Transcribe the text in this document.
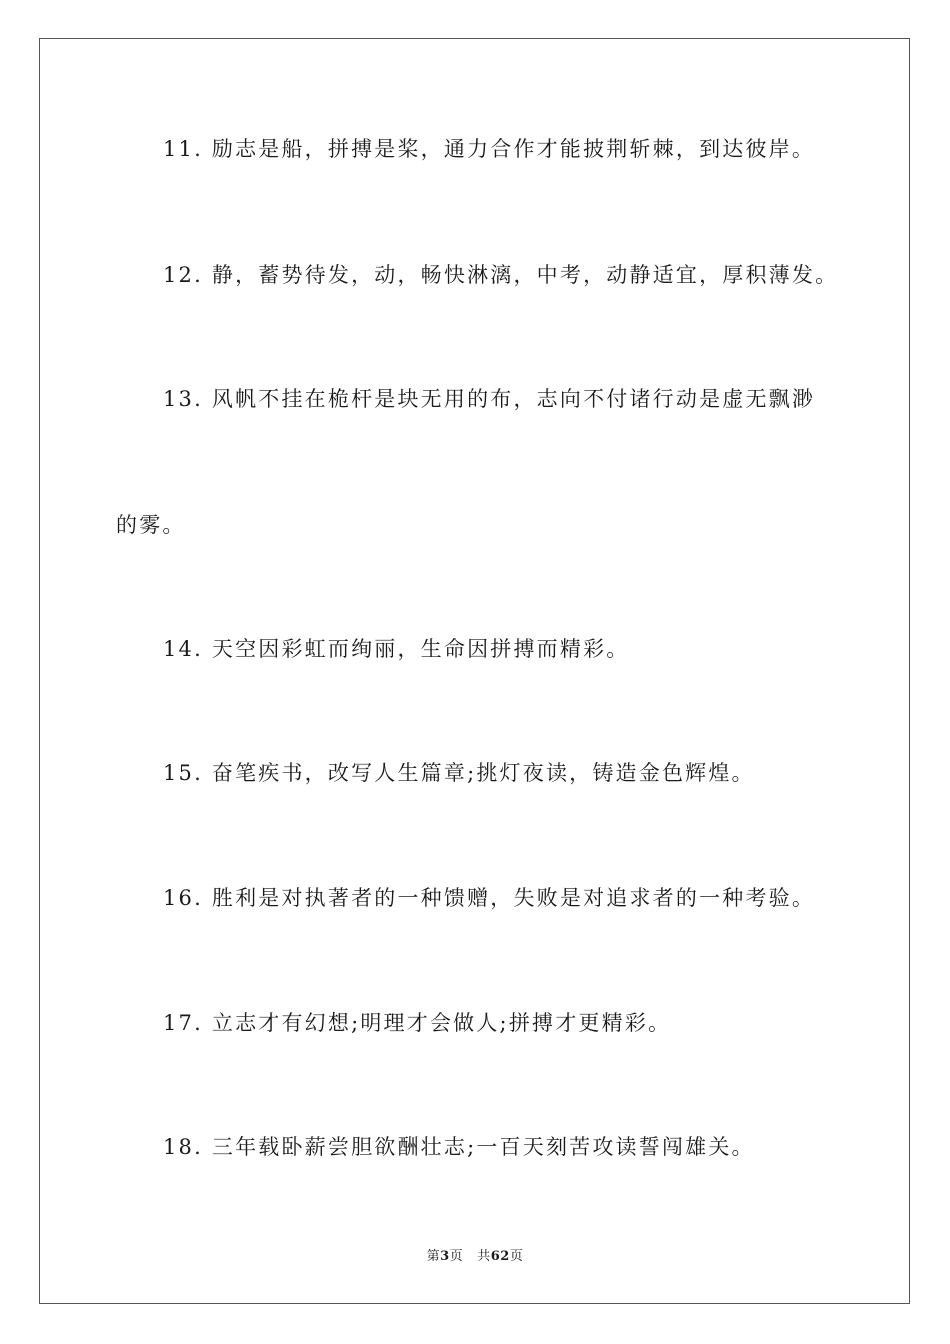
11. 励志是船，拼搏是桨，通力合作才能披荆斩棘，到达彼岸。
12. 静，蓄势待发，动，畅快淋漓，中考，动静适宜，厚积薄发。
13. 风帆不挂在桅杆是块无用的布，志向不付诸行动是虚无飘渺
的雾。
14. 天空因彩虹而绚丽，生命因拼搏而精彩。
15. 奋笔疾书，改写人生篇章;挑灯夜读，铸造金色辉煌。
16. 胜利是对执著者的一种馈赠，失败是对追求者的一种考验。
17. 立志才有幻想;明理才会做人;拼搏才更精彩。
18. 三年载卧薪尝胆欲酬壮志;一百天刻苦攻读誓闯雄关。
第3页 共62页
